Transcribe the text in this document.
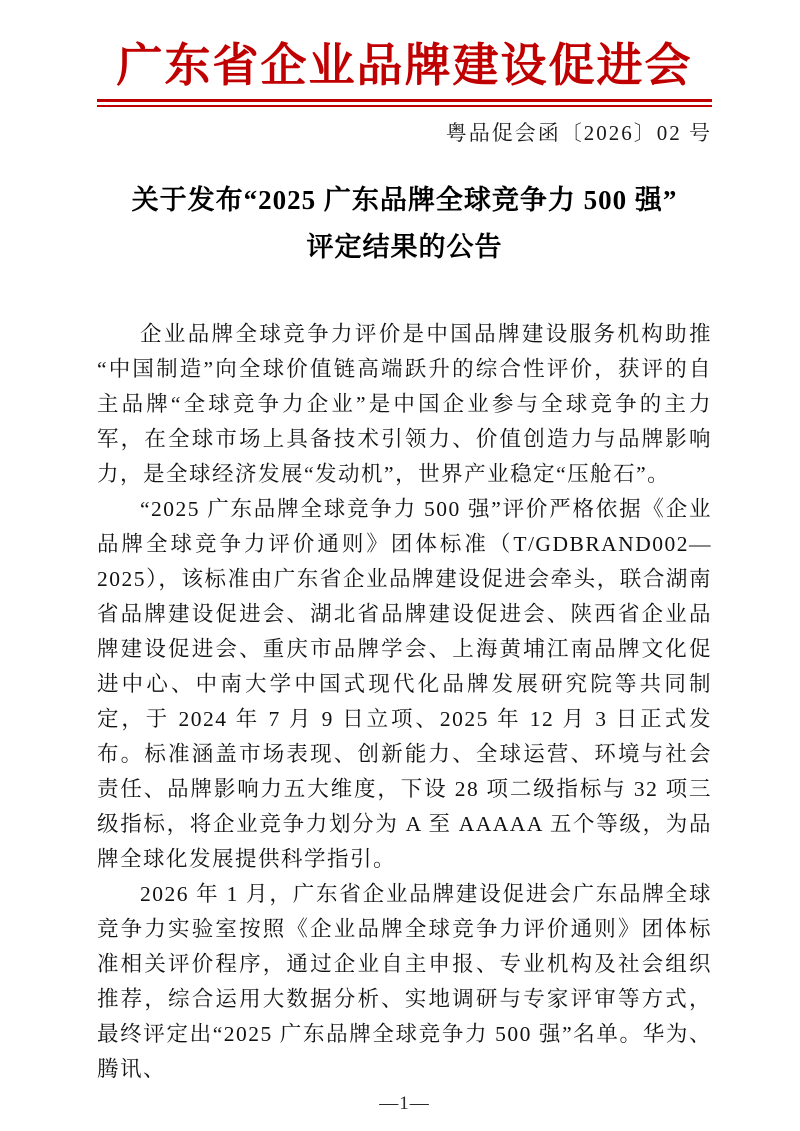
广东省企业品牌建设促进会
粤品促会函〔2026〕02 号
关于发布“2025 广东品牌全球竞争力 500 强”
评定结果的公告

企业品牌全球竞争力评价是中国品牌建设服务机构助推“中国制造”向全球价值链高端跃升的综合性评价，获评的自主品牌“全球竞争力企业”是中国企业参与全球竞争的主力军，在全球市场上具备技术引领力、价值创造力与品牌影响力，是全球经济发展“发动机”，世界产业稳定“压舱石”。

“2025 广东品牌全球竞争力 500 强”评价严格依据《企业品牌全球竞争力评价通则》团体标准（T/GDBRAND002—2025），该标准由广东省企业品牌建设促进会牵头，联合湖南省品牌建设促进会、湖北省品牌建设促进会、陕西省企业品牌建设促进会、重庆市品牌学会、上海黄埔江南品牌文化促进中心、中南大学中国式现代化品牌发展研究院等共同制定，于 2024 年 7 月 9 日立项、2025 年 12 月 3 日正式发布。标准涵盖市场表现、创新能力、全球运营、环境与社会责任、品牌影响力五大维度，下设 28 项二级指标与 32 项三级指标，将企业竞争力划分为 A 至 AAAAA 五个等级，为品牌全球化发展提供科学指引。

2026 年 1 月，广东省企业品牌建设促进会广东品牌全球竞争力实验室按照《企业品牌全球竞争力评价通则》团体标准相关评价程序，通过企业自主申报、专业机构及社会组织推荐，综合运用大数据分析、实地调研与专家评审等方式，最终评定出“2025 广东品牌全球竞争力 500 强”名单。华为、腾讯、

—1—
